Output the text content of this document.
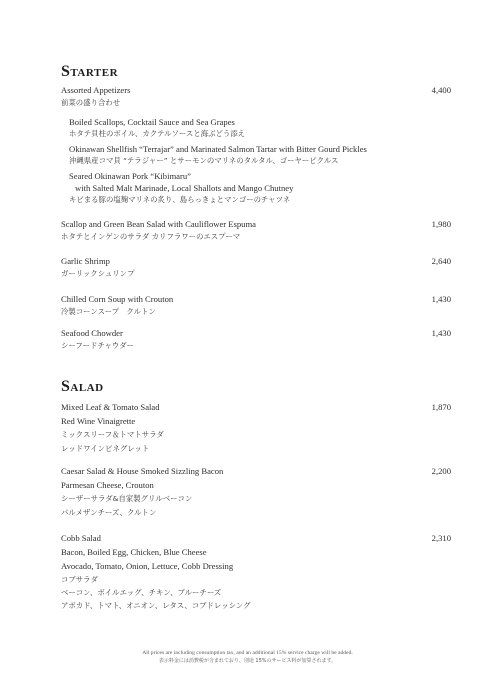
Starter
Assorted Appetizers	4,400
前菜の盛り合わせ
Boiled Scallops, Cocktail Sauce and Sea Grapes
ホタテ貝柱のボイル、カクテルソースと海ぶどう添え
Okinawan Shellfish “Terrajar” and Marinated Salmon Tartar with Bitter Gourd Pickles
沖縄県産コマ貝 “テラジャー” とサーモンのマリネのタルタル、ゴーヤーピクルス
Seared Okinawan Pork “Kibimaru”
with Salted Malt Marinade, Local Shallots and Mango Chutney
キビまる豚の塩麹マリネの炙り、島らっきょとマンゴーのチャツネ
Scallop and Green Bean Salad with Cauliflower Espuma	1,980
ホタテとインゲンのサラダ カリフラワーのエスプーマ
Garlic Shrimp	2,640
ガーリックシュリンプ
Chilled Corn Soup with Crouton	1,430
冷製コーンスープ　クルトン
Seafood Chowder	1,430
シーフードチャウダー
Salad
Mixed Leaf & Tomato Salad	1,870
Red Wine Vinaigrette
ミックスリーフ＆トマトサラダ
レッドワインビネグレット
Caesar Salad & House Smoked Sizzling Bacon	2,200
Parmesan Cheese, Crouton
シーザーサラダ&自家製グリルベーコン
パルメザンチーズ、クルトン
Cobb Salad	2,310
Bacon, Boiled Egg, Chicken, Blue Cheese
Avocado, Tomato, Onion, Lettuce, Cobb Dressing
コブサラダ
ベーコン、ボイルエッグ、チキン、ブルーチーズ
アボカド、トマト、オニオン、レタス、コブドレッシング
All prices are including consumption tax, and an additional 15% service charge will be added.
表示料金には消費税が含まれており、別途 15%のサービス料が加算されます。
